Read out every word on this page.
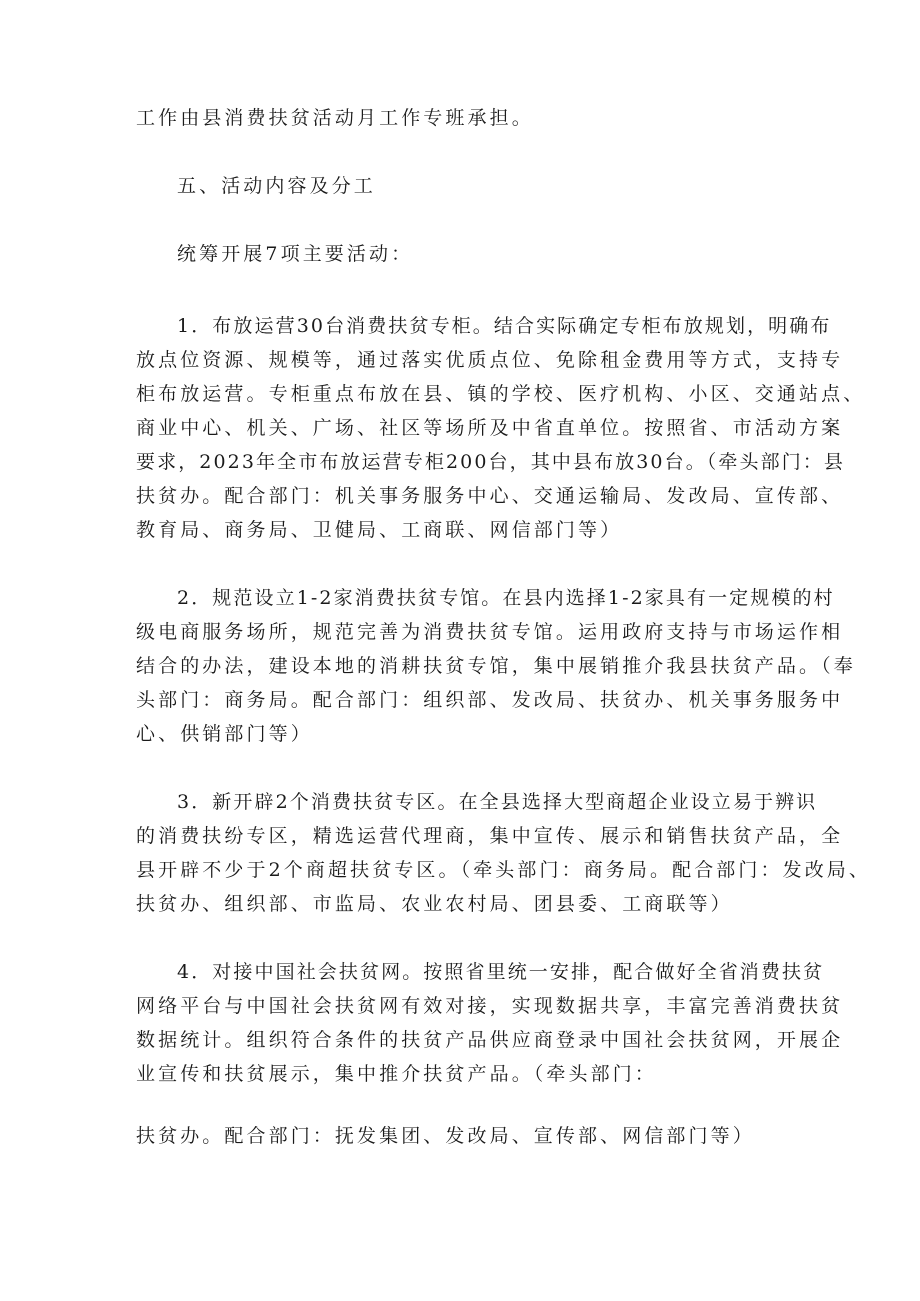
工作由县消费扶贫活动月工作专班承担。
五、活动内容及分工
统筹开展7项主要活动：
1．布放运营30台消费扶贫专柜。结合实际确定专柜布放规划，明确布
放点位资源、规模等，通过落实优质点位、免除租金费用等方式，支持专
柜布放运营。专柜重点布放在县、镇的学校、医疗机构、小区、交通站点、
商业中心、机关、广场、社区等场所及中省直单位。按照省、市活动方案
要求，2023年全市布放运营专柜200台，其中县布放30台。（牵头部门：县
扶贫办。配合部门：机关事务服务中心、交通运输局、发改局、宣传部、
教育局、商务局、卫健局、工商联、网信部门等）
2．规范设立1-2家消费扶贫专馆。在县内选择1-2家具有一定规模的村
级电商服务场所，规范完善为消费扶贫专馆。运用政府支持与市场运作相
结合的办法，建设本地的消耕扶贫专馆，集中展销推介我县扶贫产品。（奉
头部门：商务局。配合部门：组织部、发改局、扶贫办、机关事务服务中
心、供销部门等）
3．新开辟2个消费扶贫专区。在全县选择大型商超企业设立易于辨识
的消费扶纷专区，精选运营代理商，集中宣传、展示和销售扶贫产品，全
县开辟不少于2个商超扶贫专区。（牵头部门：商务局。配合部门：发改局、
扶贫办、组织部、市监局、农业农村局、团县委、工商联等）
4．对接中国社会扶贫网。按照省里统一安排，配合做好全省消费扶贫
网络平台与中国社会扶贫网有效对接，实现数据共享，丰富完善消费扶贫
数据统计。组织符合条件的扶贫产品供应商登录中国社会扶贫网，开展企
业宣传和扶贫展示，集中推介扶贫产品。（牵头部门：
扶贫办。配合部门：抚发集团、发改局、宣传部、网信部门等）
